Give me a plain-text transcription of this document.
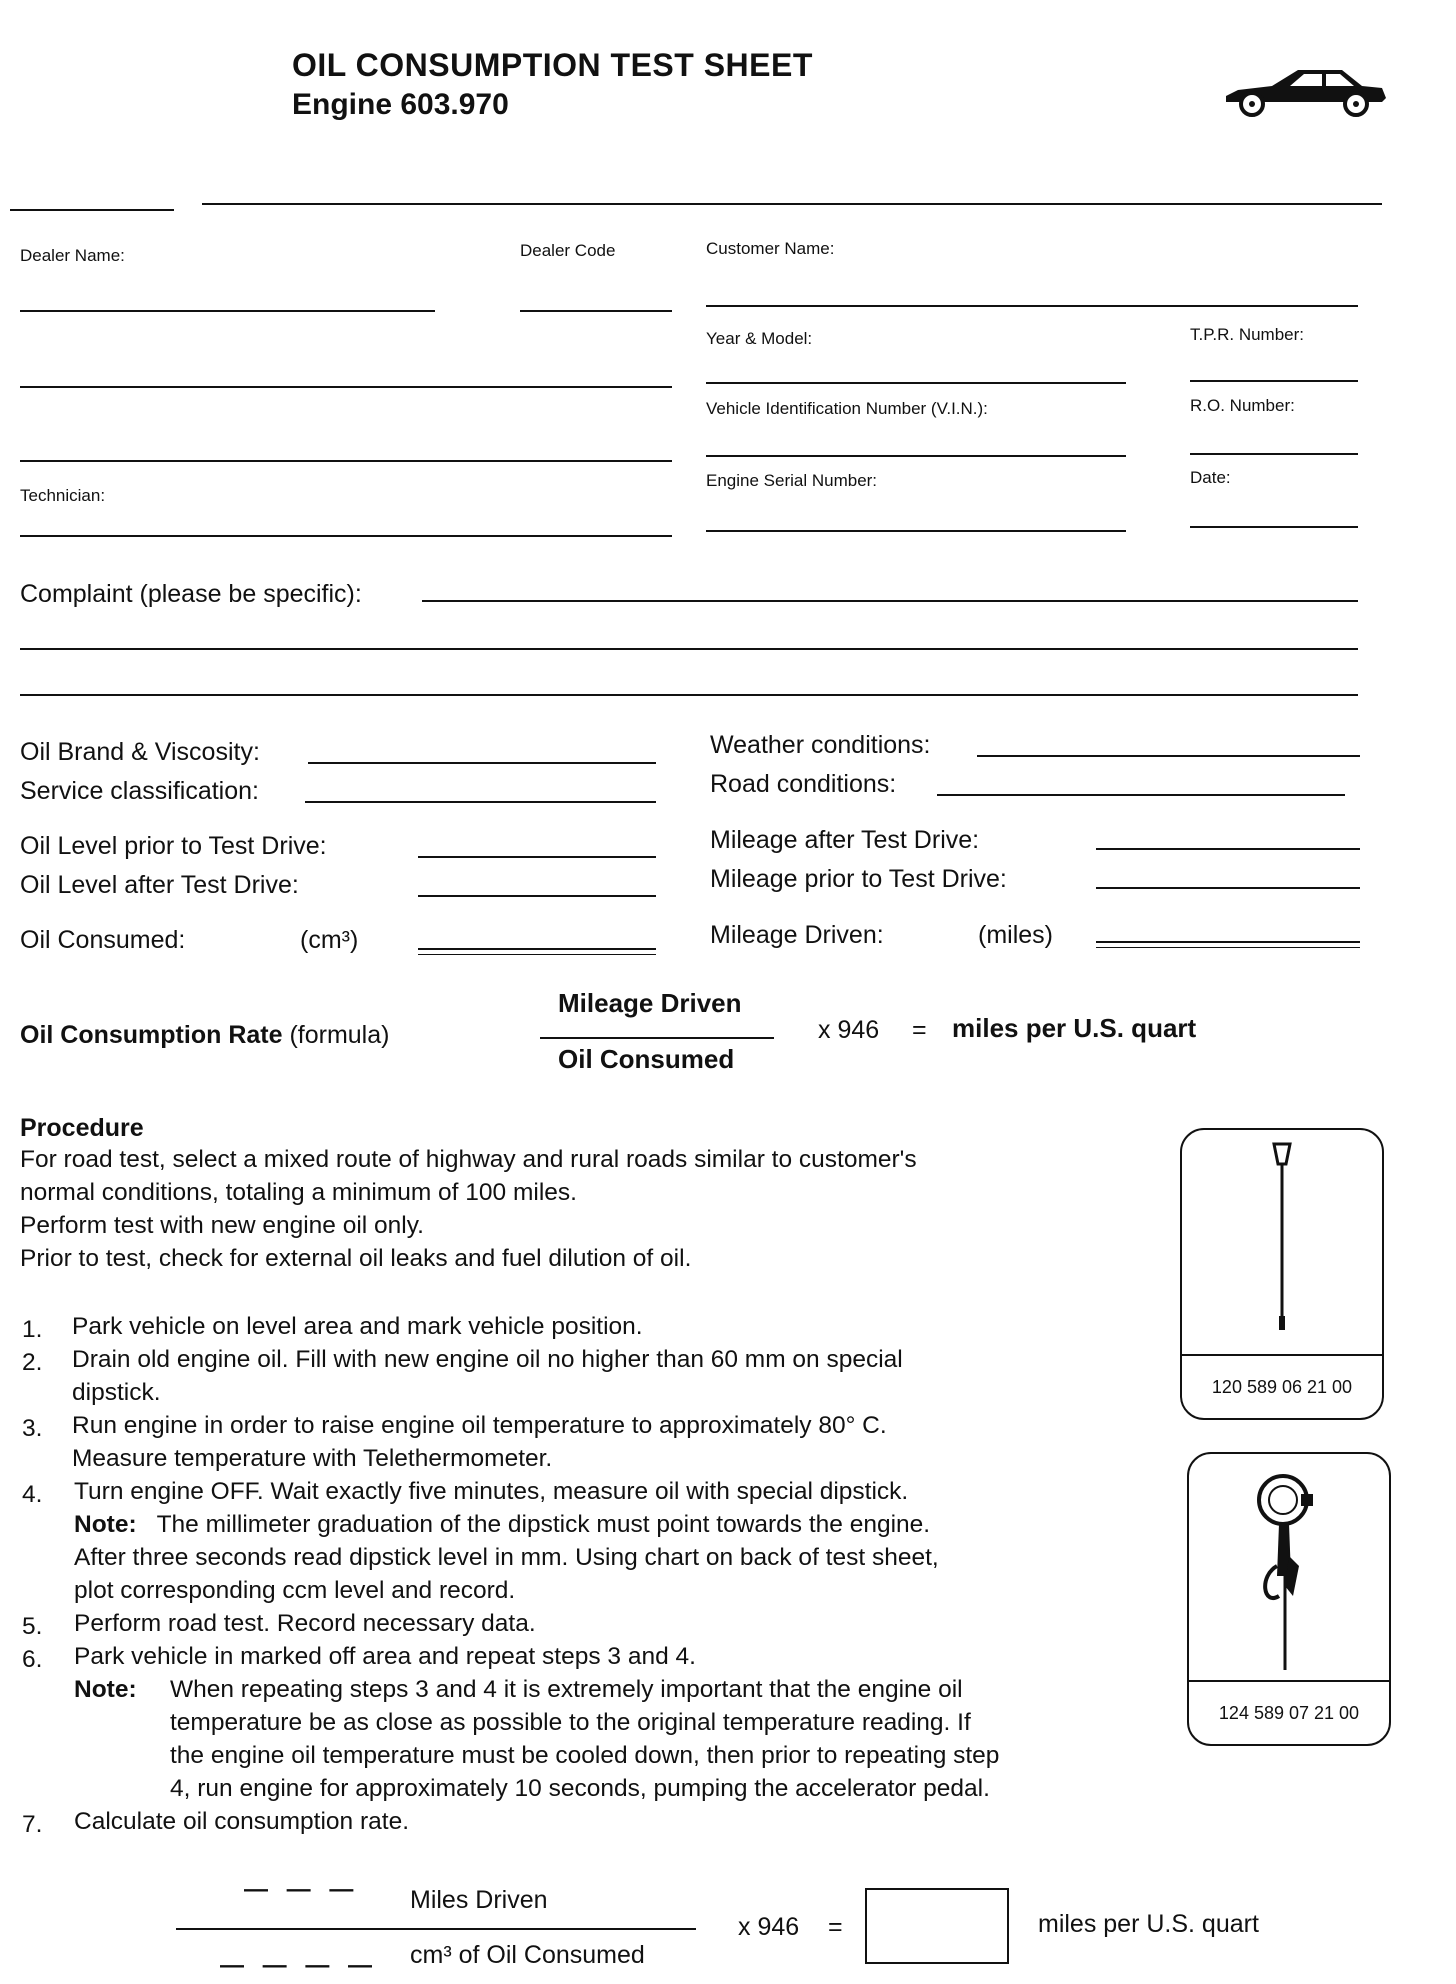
OIL CONSUMPTION TEST SHEET
Engine 603.970
Dealer Name:	Dealer Code	Customer Name:
Year & Model:	T.P.R. Number:
Vehicle Identification Number (V.I.N.):	R.O. Number:
Technician:
Engine Serial Number:	Date:
Complaint (please be specific):
Oil Brand & Viscosity:
Service classification:
Oil Level prior to Test Drive:
Oil Level after Test Drive:
Oil Consumed:	(cm³)
Weather conditions:
Road conditions:
Mileage after Test Drive:
Mileage prior to Test Drive:
Mileage Driven:	(miles)
Oil Consumption Rate (formula)
Mileage Driven
Oil Consumed
x 946 = miles per U.S. quart
Procedure
For road test, select a mixed route of highway and rural roads similar to customer's
normal conditions, totaling a minimum of 100 miles.
Perform test with new engine oil only.
Prior to test, check for external oil leaks and fuel dilution of oil.
1. Park vehicle on level area and mark vehicle position.
2. Drain old engine oil. Fill with new engine oil no higher than 60 mm on special
dipstick.
3. Run engine in order to raise engine oil temperature to approximately 80° C.
Measure temperature with Telethermometer.
4. Turn engine OFF. Wait exactly five minutes, measure oil with special dipstick.
Note: The millimeter graduation of the dipstick must point towards the engine.
After three seconds read dipstick level in mm. Using chart on back of test sheet,
plot corresponding ccm level and record.
5. Perform road test. Record necessary data.
6. Park vehicle in marked off area and repeat steps 3 and 4.
Note: When repeating steps 3 and 4 it is extremely important that the engine oil
temperature be as close as possible to the original temperature reading. If
the engine oil temperature must be cooled down, then prior to repeating step
4, run engine for approximately 10 seconds, pumping the accelerator pedal.
7. Calculate oil consumption rate.
120 589 06 21 00
124 589 07 21 00
— — — Miles Driven
— — — — cm³ of Oil Consumed
x 946 =	miles per U.S. quart
